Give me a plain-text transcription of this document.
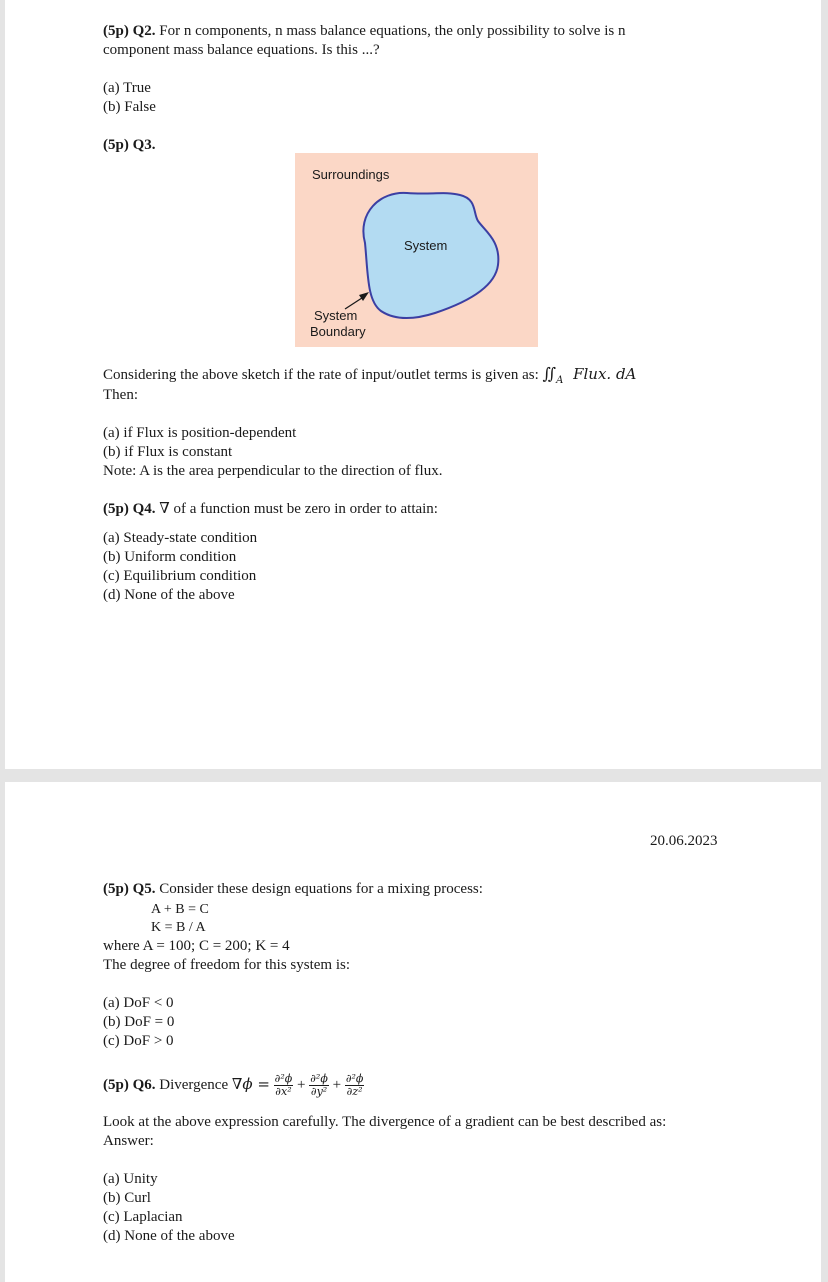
(5p) Q2. For n components, n mass balance equations, the only possibility to solve is n
component mass balance equations. Is this ...?
(a) True
(b) False
(5p) Q3.
Surroundings
System
System
Boundary
Considering the above sketch if the rate of input/outlet terms is given as: $∬_A$ Flux. dA
Then:
(a) if Flux is position-dependent
(b) if Flux is constant
Note: A is the area perpendicular to the direction of flux.
(5p) Q4. ∇ of a function must be zero in order to attain:
(a) Steady-state condition
(b) Uniform condition
(c) Equilibrium condition
(d) None of the above
20.06.2023
(5p) Q5. Consider these design equations for a mixing process:
A + B = C
K = B / A
where A = 100; C = 200; K = 4
The degree of freedom for this system is:
(a) DoF < 0
(b) DoF = 0
(c) DoF > 0
(5p) Q6. Divergence $\nabla\phi = \frac{\text{∂²ϕ}}{\text{∂x²}} + \frac{\text{∂²ϕ}}{\text{∂y²}} + \frac{\text{∂²ϕ}}{\text{∂z²}}$
Look at the above expression carefully. The divergence of a gradient can be best described as:
Answer:
(a) Unity
(b) Curl
(c) Laplacian
(d) None of the above
